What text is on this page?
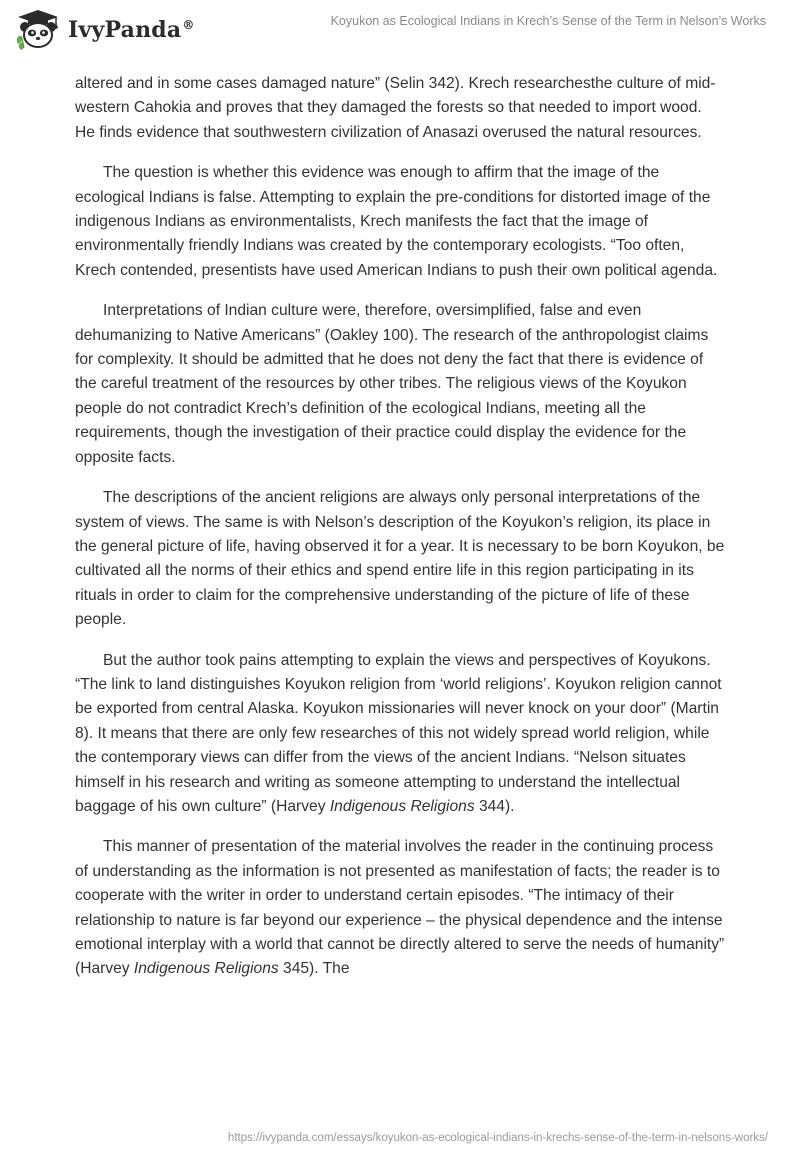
IvyPanda®	Koyukon as Ecological Indians in Krech’s Sense of the Term in Nelson’s Works

altered and in some cases damaged nature” (Selin 342). Krech researchesthe culture of mid-western Cahokia and proves that they damaged the forests so that needed to import wood. He finds evidence that southwestern civilization of Anasazi overused the natural resources.

The question is whether this evidence was enough to affirm that the image of the ecological Indians is false. Attempting to explain the pre-conditions for distorted image of the indigenous Indians as environmentalists, Krech manifests the fact that the image of environmentally friendly Indians was created by the contemporary ecologists. “Too often, Krech contended, presentists have used American Indians to push their own political agenda.

Interpretations of Indian culture were, therefore, oversimplified, false and even dehumanizing to Native Americans” (Oakley 100). The research of the anthropologist claims for complexity. It should be admitted that he does not deny the fact that there is evidence of the careful treatment of the resources by other tribes. The religious views of the Koyukon people do not contradict Krech’s definition of the ecological Indians, meeting all the requirements, though the investigation of their practice could display the evidence for the opposite facts.

The descriptions of the ancient religions are always only personal interpretations of the system of views. The same is with Nelson’s description of the Koyukon’s religion, its place in the general picture of life, having observed it for a year. It is necessary to be born Koyukon, be cultivated all the norms of their ethics and spend entire life in this region participating in its rituals in order to claim for the comprehensive understanding of the picture of life of these people.

But the author took pains attempting to explain the views and perspectives of Koyukons. “The link to land distinguishes Koyukon religion from ‘world religions’. Koyukon religion cannot be exported from central Alaska. Koyukon missionaries will never knock on your door” (Martin 8). It means that there are only few researches of this not widely spread world religion, while the contemporary views can differ from the views of the ancient Indians. “Nelson situates himself in his research and writing as someone attempting to understand the intellectual baggage of his own culture” (Harvey Indigenous Religions 344).

This manner of presentation of the material involves the reader in the continuing process of understanding as the information is not presented as manifestation of facts; the reader is to cooperate with the writer in order to understand certain episodes. “The intimacy of their relationship to nature is far beyond our experience – the physical dependence and the intense emotional interplay with a world that cannot be directly altered to serve the needs of humanity” (Harvey Indigenous Religions 345). The

https://ivypanda.com/essays/koyukon-as-ecological-indians-in-krechs-sense-of-the-term-in-nelsons-works/
